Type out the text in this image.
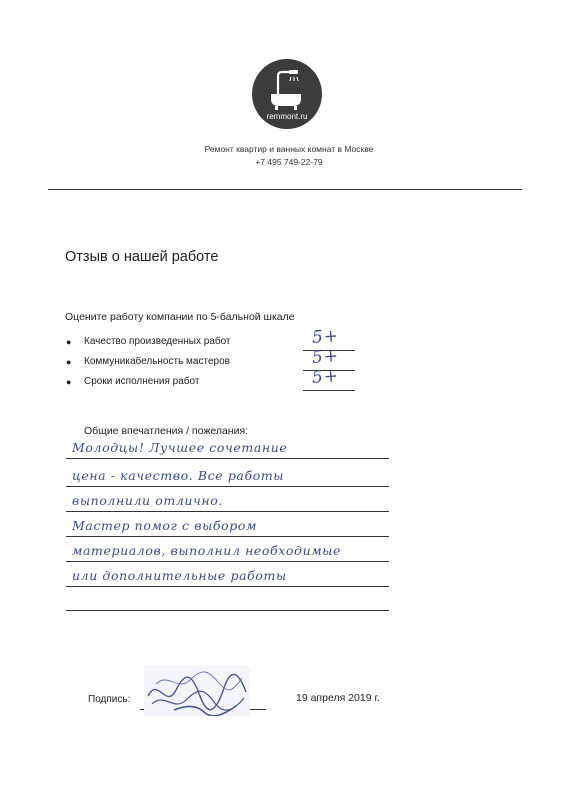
remmont.ru
Ремонт квартир и ванных комнат в Москве
+7 495 749-22-79
Отзыв о нашей работе
Оцените работу компании по 5-бальной шкале
● Качество произведенных работ	5+
● Коммуникабельность мастеров	5+
● Сроки исполнения работ	5+
Общие впечатления / пожелания:
Молодцы! Лучшее сочетание
цена - качество. Все работы
выполнили отлично.
Мастер помог с выбором
материалов, выполнил необходимые
или дополнительные работы
Подпись:	19 апреля 2019 г.
